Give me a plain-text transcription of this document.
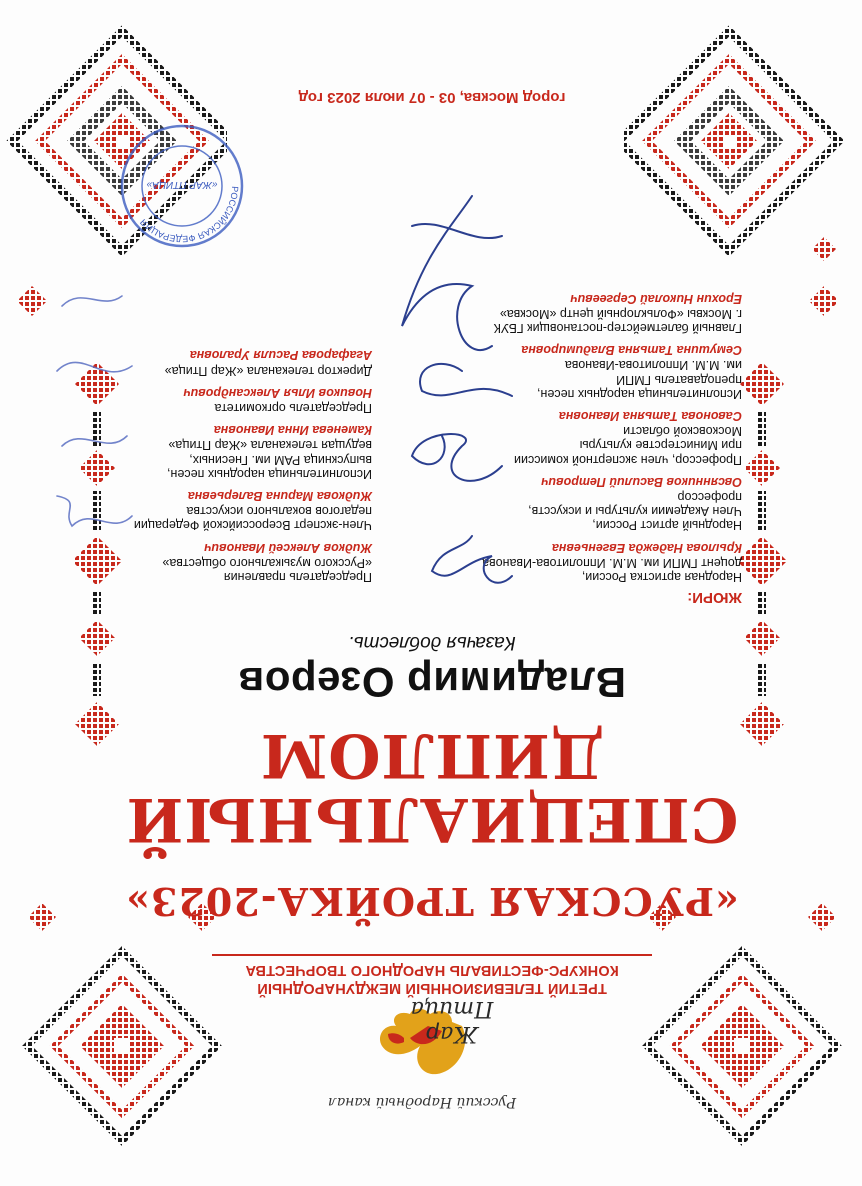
Русский Народный канал
Жар Птица
ТРЕТИЙ ТЕЛЕВИЗИОННЫЙ МЕЖДУНАРОДНЫЙ
КОНКУРС-ФЕСТИВАЛЬ НАРОДНОГО ТВОРЧЕСТВА
«РУССКАЯ ТРОЙКА-2023»
СПЕЦИАЛЬНЫЙ ДИПЛОМ
Владимир Озеров
Казачья доблесть.
ЖЮРИ:
Народная артистка России,
доцент ГМПИ им. М.М. Ипполитова-Иванова
Крылова Надежда Евгеньевна
Народный артист России,
Член Академии культуры и искусств,
профессор
Овсянников Василий Петрович
Профессор, член экспертной комиссии
при Министерстве культуры
Московской области
Савонова Татьяна Ивановна
Исполнительница народных песен,
преподаватель ГМПИ
им. М.М. Ипполитова-Иванова
Семушина Татьяна Владимировна
Главный балетмейстер-постановщик ГБУК
г. Москвы «Фольклорный центр «Москва»
Ерохин Николай Сергеевич
Председатель правления
«Русского музыкального общества»
Жидков Алексей Иванович
Член-эксперт Всероссийской Федерации
педагогов вокального искусства
Жидкова Марина Валерьевна
Исполнительница народных песен,
выпускница РАМ им. Гнесиных,
ведущая телеканала «Жар Птица»
Каменева Инна Ивановна
Председатель оргкомитета
Новиков Илья Александрович
Директор телеканала «Жар Птица»
Агафарова Расиля Ураловна
РОССИЙСКАЯ ФЕДЕРАЦИЯ
«ЖАР ПТИЦА»
город Москва, 03 - 07 июля 2023 год
